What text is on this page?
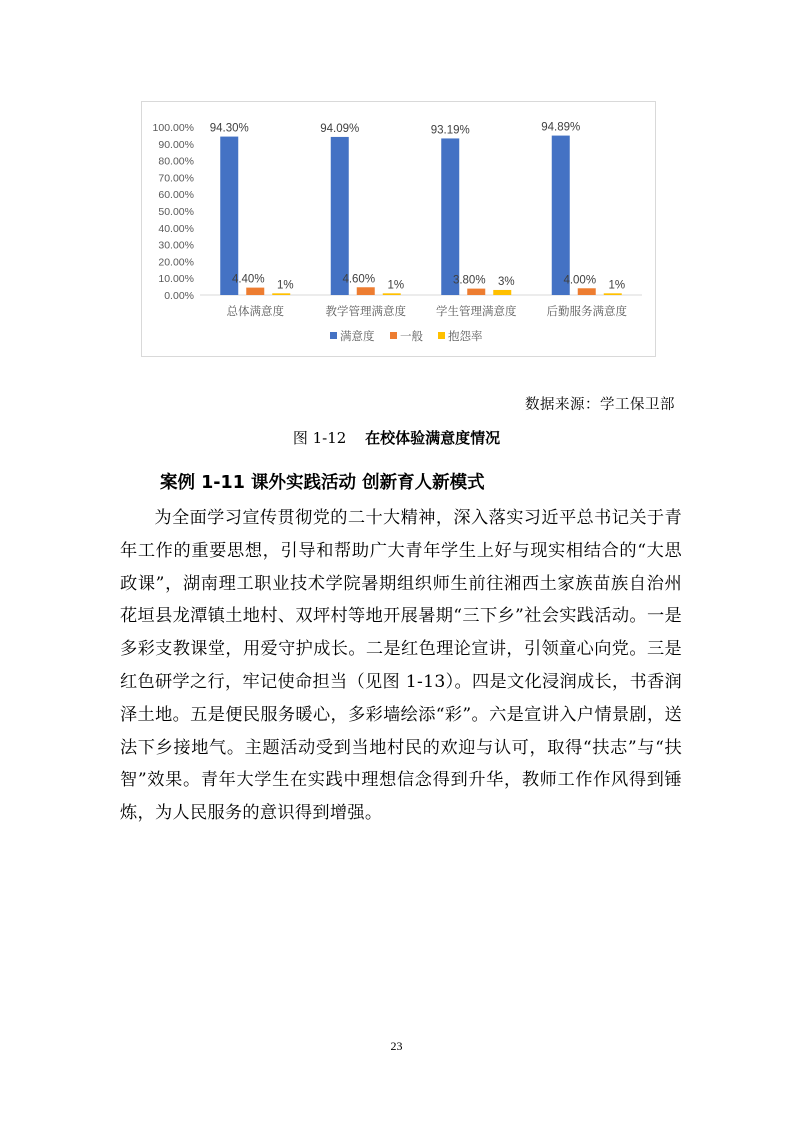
0.00%
10.00%
20.00%
30.00%
40.00%
50.00%
60.00%
70.00%
80.00%
90.00%
100.00%
总体满意度
94.30%
4.40% 1%
教学管理满意度
94.09%
4.60%
1%
学生管理满意度
93.19%
3.80% 3%
后勤服务满意度
94.89%
4.00% 1%
满意度 一般 抱怨率
数据来源：学工保卫部
图 1-12 在校体验满意度情况
案例 1-11 课外实践活动 创新育人新模式
为全面学习宣传贯彻党的二十大精神，深入落实习近平总书记关于青年工作的重要思想，引导和帮助广大青年学生上好与现实相结合的“大思政课”，湖南理工职业技术学院暑期组织师生前往湘西土家族苗族自治州花垣县龙潭镇土地村、双坪村等地开展暑期“三下乡”社会实践活动。一是多彩支教课堂，用爱守护成长。二是红色理论宣讲，引领童心向党。三是红色研学之行，牢记使命担当（见图 1-13）。四是文化浸润成长，书香润泽土地。五是便民服务暖心，多彩墙绘添“彩”。六是宣讲入户情景剧，送法下乡接地气。主题活动受到当地村民的欢迎与认可，取得“扶志”与“扶智”效果。青年大学生在实践中理想信念得到升华，教师工作作风得到锤炼，为人民服务的意识得到增强。
23
